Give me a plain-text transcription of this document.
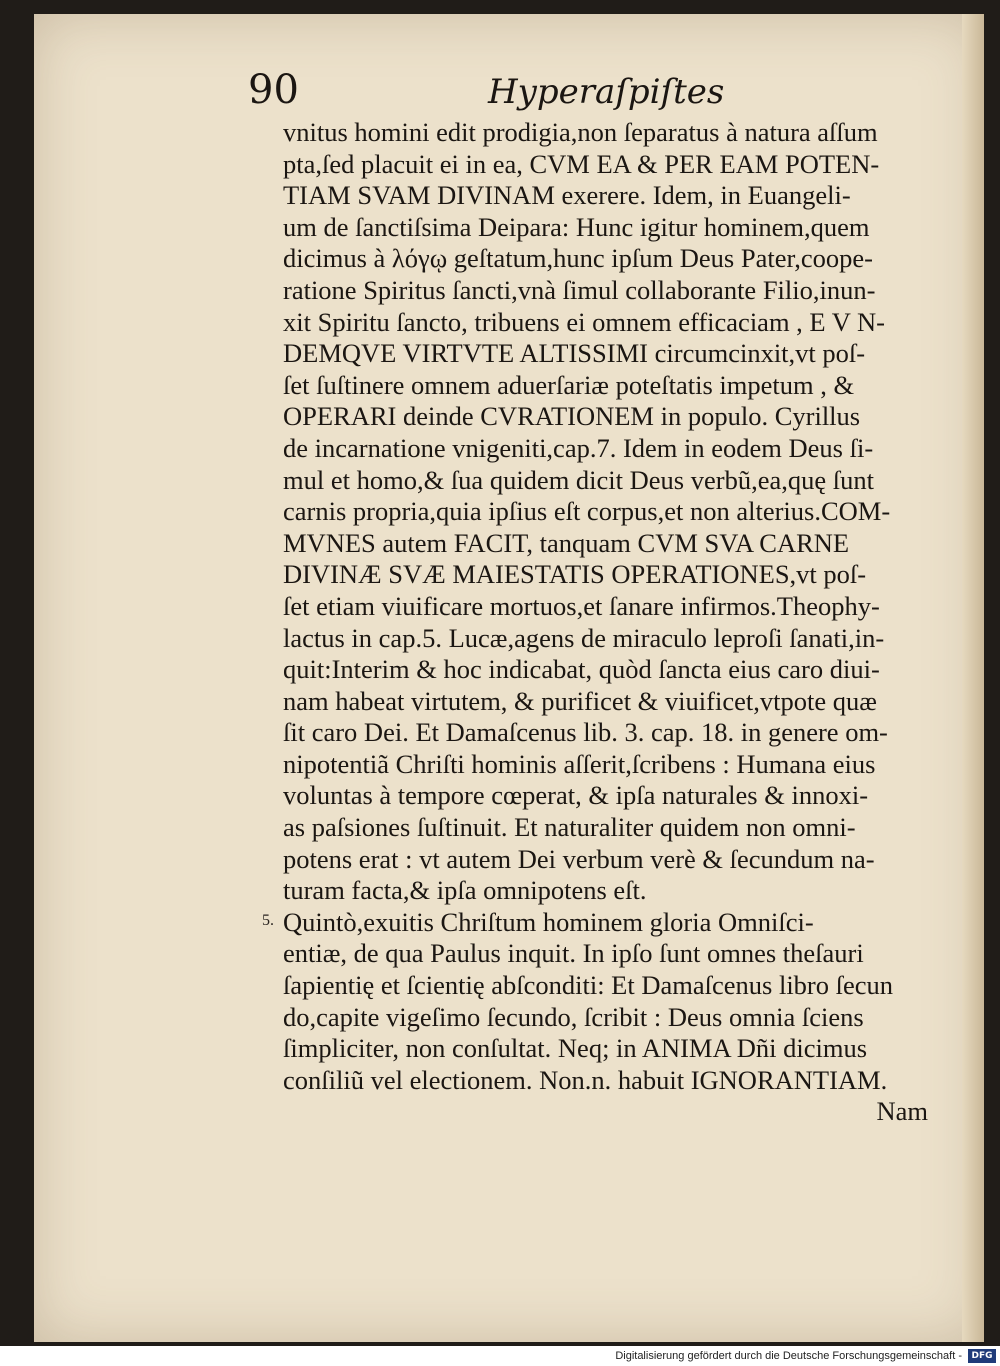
90	Hyperaſpiſtes
5.
vnitus homini edit prodigia,non ſeparatus à natura aſſum
pta,ſed placuit ei in ea, CVM EA & PER EAM POTEN-
TIAM SVAM DIVINAM exerere. Idem, in Euangeli-
um de ſanctiſsima Deipara: Hunc igitur hominem,quem
dicimus à λόγῳ geſtatum,hunc ipſum Deus Pater,coope-
ratione Spiritus ſancti,vnà ſimul collaborante Filio,inun-
xit Spiritu ſancto, tribuens ei omnem efficaciam , E V N-
DEMQVE VIRTVTE ALTISSIMI circumcinxit,vt poſ-
ſet ſuſtinere omnem aduerſariæ poteſtatis impetum , &
OPERARI deinde CVRATIONEM in populo. Cyrillus
de incarnatione vnigeniti,cap.7. Idem in eodem Deus ſi-
mul et homo,& ſua quidem dicit Deus verbũ,ea,quę ſunt
carnis propria,quia ipſius eſt corpus,et non alterius.COM-
MVNES autem FACIT, tanquam CVM SVA CARNE
DIVINÆ SVÆ MAIESTATIS OPERATIONES,vt poſ-
ſet etiam viuificare mortuos,et ſanare infirmos.Theophy-
lactus in cap.5. Lucæ,agens de miraculo leproſi ſanati,in-
quit:Interim & hoc indicabat, quòd ſancta eius caro diui-
nam habeat virtutem, & purificet & viuificet,vtpote quæ
ſit caro Dei. Et Damaſcenus lib. 3. cap. 18. in genere om-
nipotentiã Chriſti hominis aſſerit,ſcribens : Humana eius
voluntas à tempore cœperat, & ipſa naturales & innoxi-
as paſsiones ſuſtinuit. Et naturaliter quidem non omni-
potens erat : vt autem Dei verbum verè & ſecundum na-
turam facta,& ipſa omnipotens eſt.
Quintò,exuitis Chriſtum hominem gloria Omniſci-
entiæ, de qua Paulus inquit. In ipſo ſunt omnes theſauri
ſapientię et ſcientię abſconditi: Et Damaſcenus libro ſecun
do,capite vigeſimo ſecundo, ſcribit : Deus omnia ſciens
ſimpliciter, non conſultat. Neq; in ANIMA Dñi dicimus
conſiliũ vel electionem. Non.n. habuit IGNORANTIAM.
Nam
Digitalisierung gefördert durch die Deutsche Forschungsgemeinschaft -	DFG
